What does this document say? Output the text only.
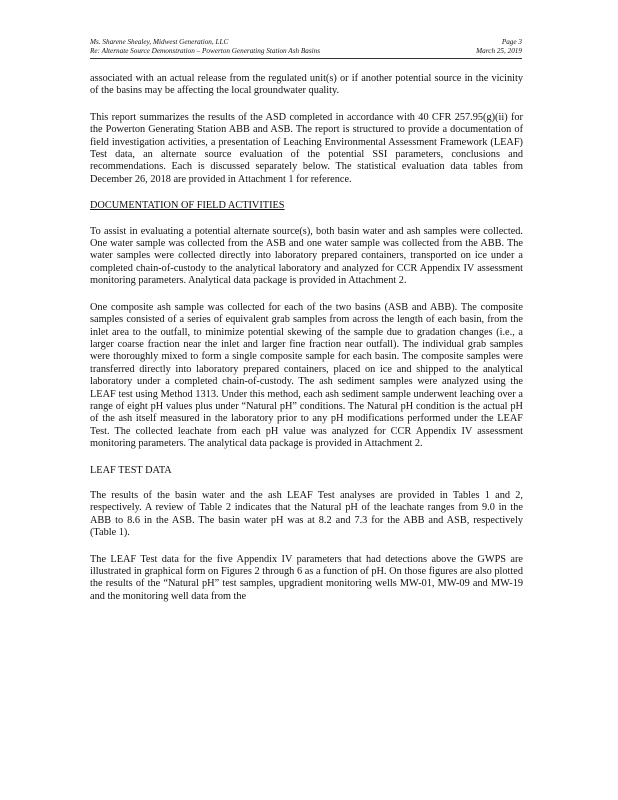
Ms. Sharene Shealey, Midwest Generation, LLC	Page 3
Re: Alternate Source Demonstration – Powerton Generating Station Ash Basins	March 25, 2019

associated with an actual release from the regulated unit(s) or if another potential source in the vicinity of the basins may be affecting the local groundwater quality.

This report summarizes the results of the ASD completed in accordance with 40 CFR 257.95(g)(ii) for the Powerton Generating Station ABB and ASB. The report is structured to provide a documentation of field investigation activities, a presentation of Leaching Environmental Assessment Framework (LEAF) Test data, an alternate source evaluation of the potential SSI parameters, conclusions and recommendations. Each is discussed separately below. The statistical evaluation data tables from December 26, 2018 are provided in Attachment 1 for reference.

DOCUMENTATION OF FIELD ACTIVITIES

To assist in evaluating a potential alternate source(s), both basin water and ash samples were collected. One water sample was collected from the ASB and one water sample was collected from the ABB. The water samples were collected directly into laboratory prepared containers, transported on ice under a completed chain-of-custody to the analytical laboratory and analyzed for CCR Appendix IV assessment monitoring parameters. Analytical data package is provided in Attachment 2.

One composite ash sample was collected for each of the two basins (ASB and ABB). The composite samples consisted of a series of equivalent grab samples from across the length of each basin, from the inlet area to the outfall, to minimize potential skewing of the sample due to gradation changes (i.e., a larger coarse fraction near the inlet and larger fine fraction near outfall). The individual grab samples were thoroughly mixed to form a single composite sample for each basin. The composite samples were transferred directly into laboratory prepared containers, placed on ice and shipped to the analytical laboratory under a completed chain-of-custody. The ash sediment samples were analyzed using the LEAF test using Method 1313. Under this method, each ash sediment sample underwent leaching over a range of eight pH values plus under “Natural pH” conditions. The Natural pH condition is the actual pH of the ash itself measured in the laboratory prior to any pH modifications performed under the LEAF Test. The collected leachate from each pH value was analyzed for CCR Appendix IV assessment monitoring parameters. The analytical data package is provided in Attachment 2.

LEAF TEST DATA

The results of the basin water and the ash LEAF Test analyses are provided in Tables 1 and 2, respectively. A review of Table 2 indicates that the Natural pH of the leachate ranges from 9.0 in the ABB to 8.6 in the ASB. The basin water pH was at 8.2 and 7.3 for the ABB and ASB, respectively (Table 1).

The LEAF Test data for the five Appendix IV parameters that had detections above the GWPS are illustrated in graphical form on Figures 2 through 6 as a function of pH. On those figures are also plotted the results of the “Natural pH” test samples, upgradient monitoring wells MW-01, MW-09 and MW-19 and the monitoring well data from the
